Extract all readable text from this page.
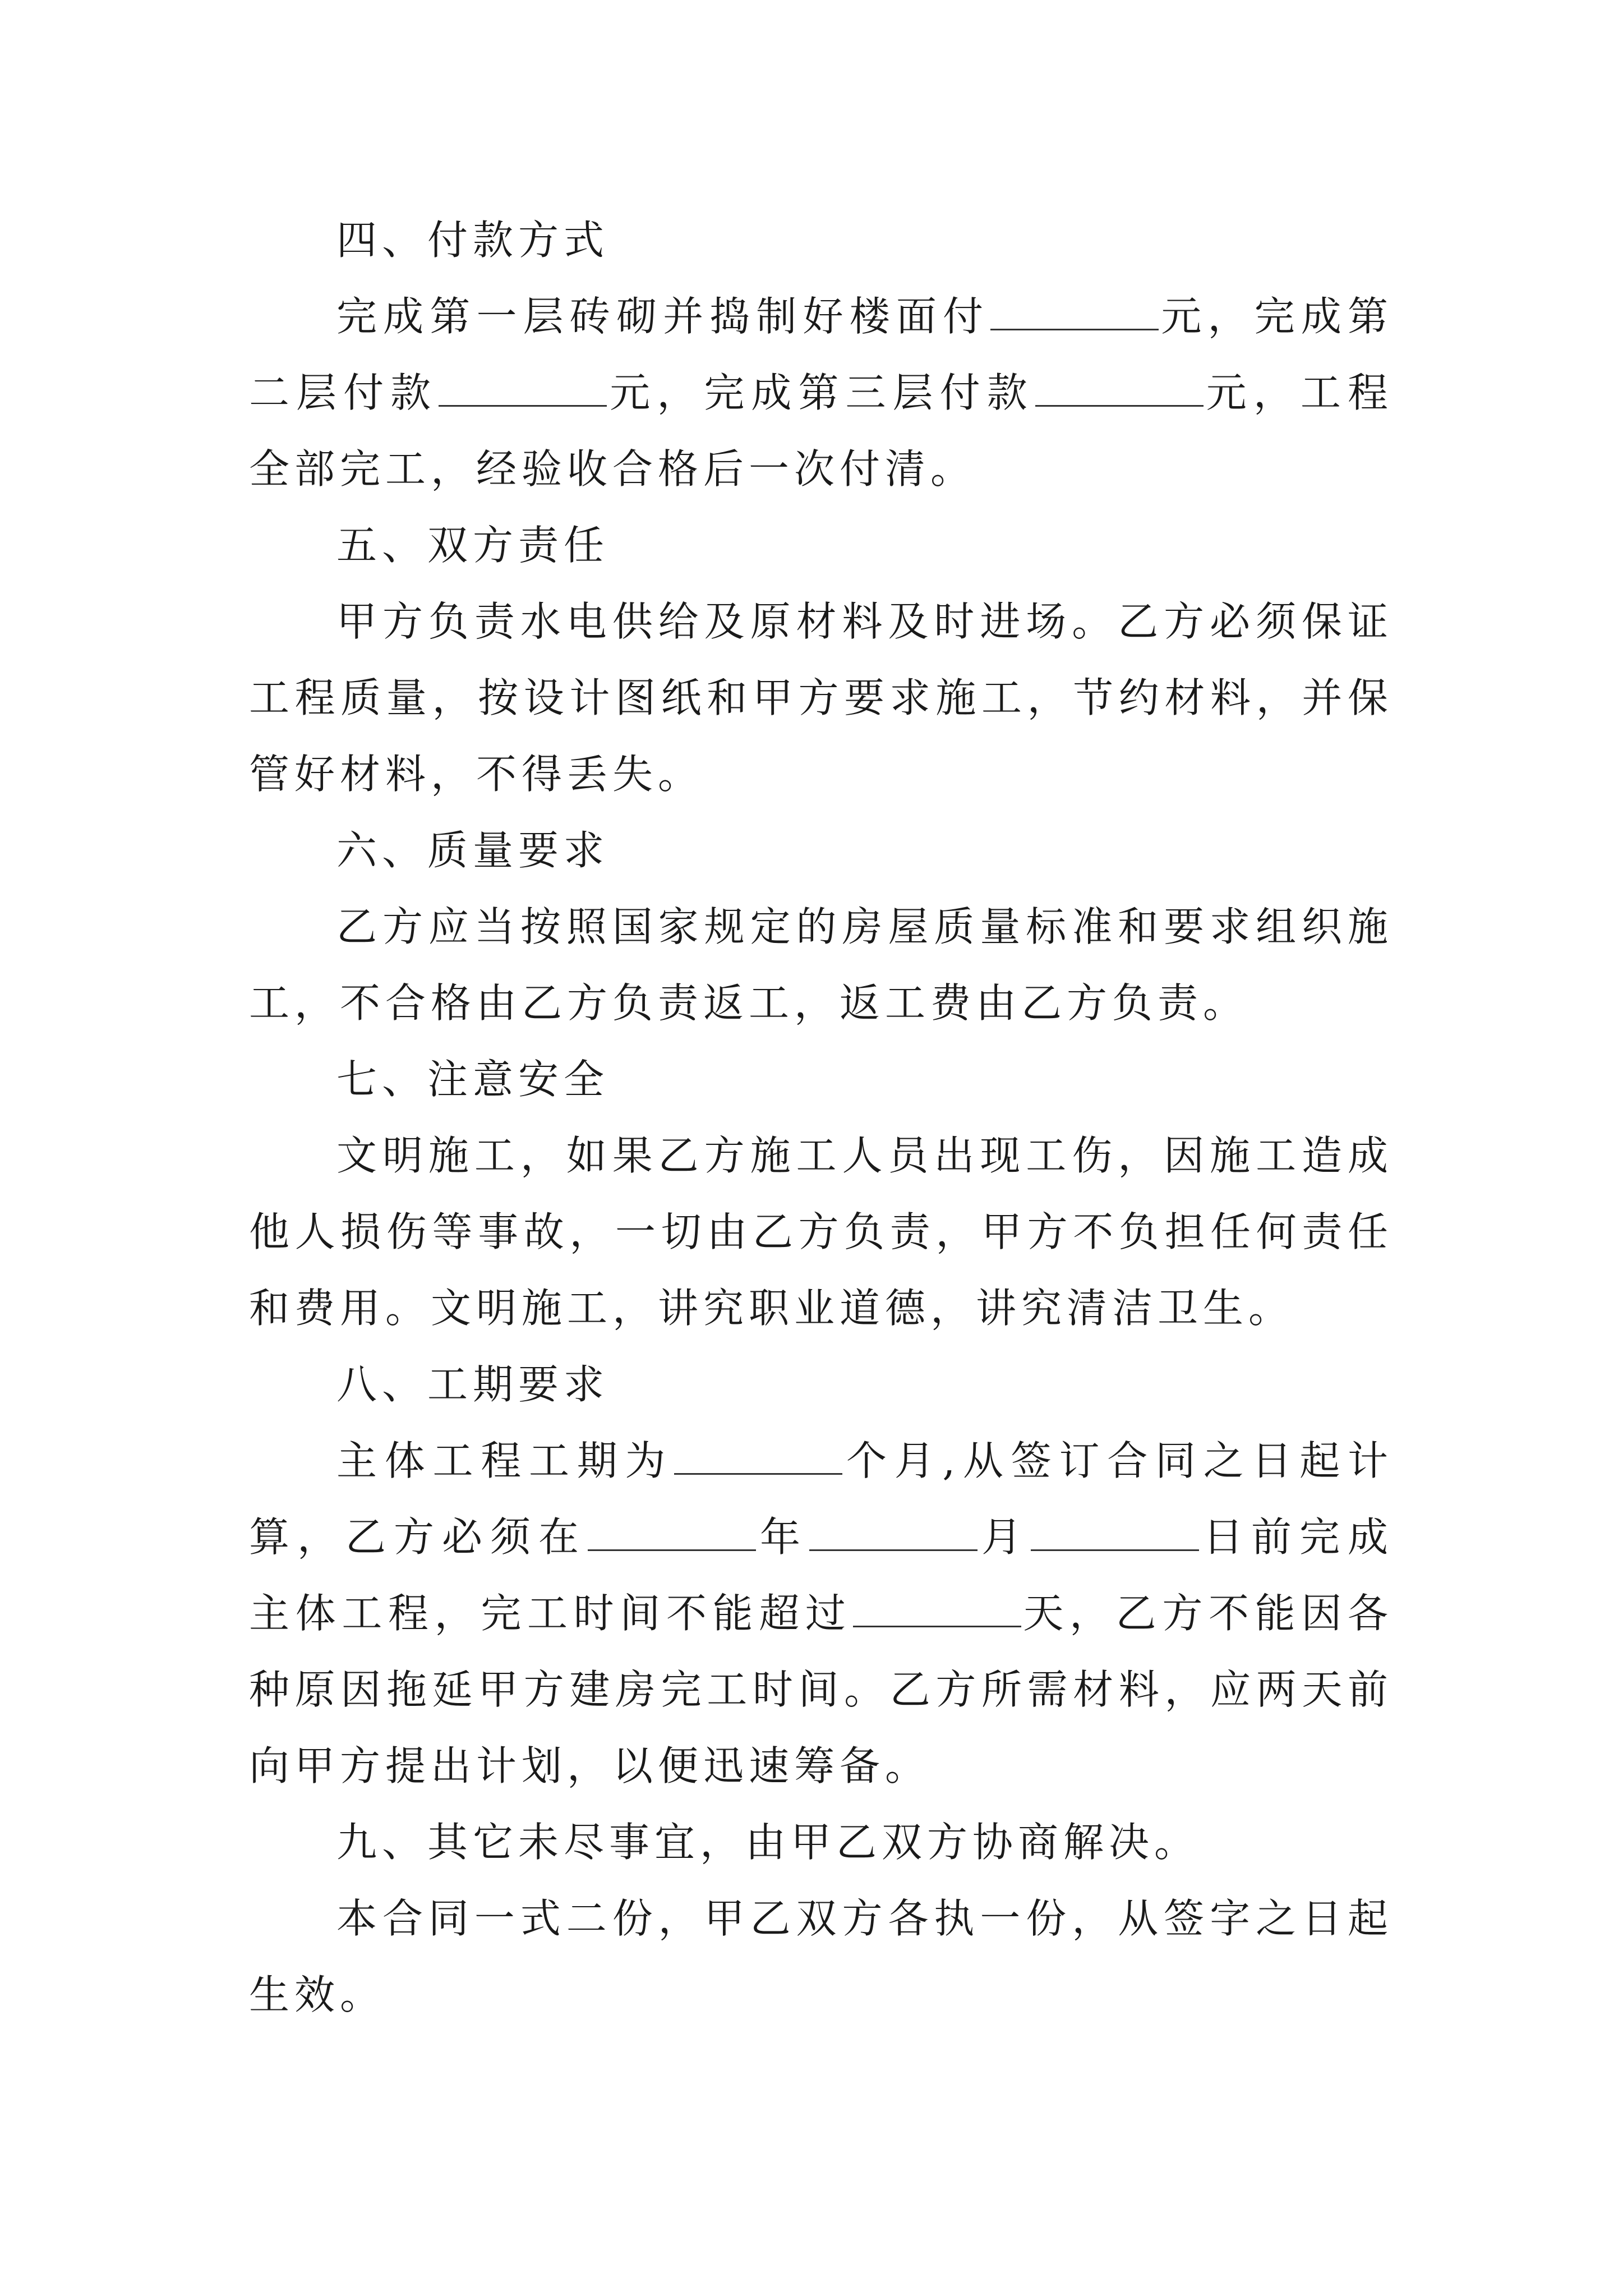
四、付款方式

完成第一层砖砌并捣制好楼面付	元，完成第二层付款	元，完成第三层付款	元，工程全部完工，经验收合格后一次付清。

五、双方责任

甲方负责水电供给及原材料及时进场。乙方必须保证工程质量，按设计图纸和甲方要求施工，节约材料，并保管好材料，不得丢失。

六、质量要求

乙方应当按照国家规定的房屋质量标准和要求组织施工，不合格由乙方负责返工，返工费由乙方负责。

七、注意安全

文明施工，如果乙方施工人员出现工伤，因施工造成他人损伤等事故，一切由乙方负责，甲方不负担任何责任和费用。文明施工，讲究职业道德，讲究清洁卫生。

八、工期要求

主体工程工期为	个月,从签订合同之日起计算，乙方必须在	年	月	日前完成主体工程，完工时间不能超过	天，乙方不能因各种原因拖延甲方建房完工时间。乙方所需材料，应两天前向甲方提出计划，以便迅速筹备。

九、其它未尽事宜，由甲乙双方协商解决。

本合同一式二份，甲乙双方各执一份，从签字之日起生效。
